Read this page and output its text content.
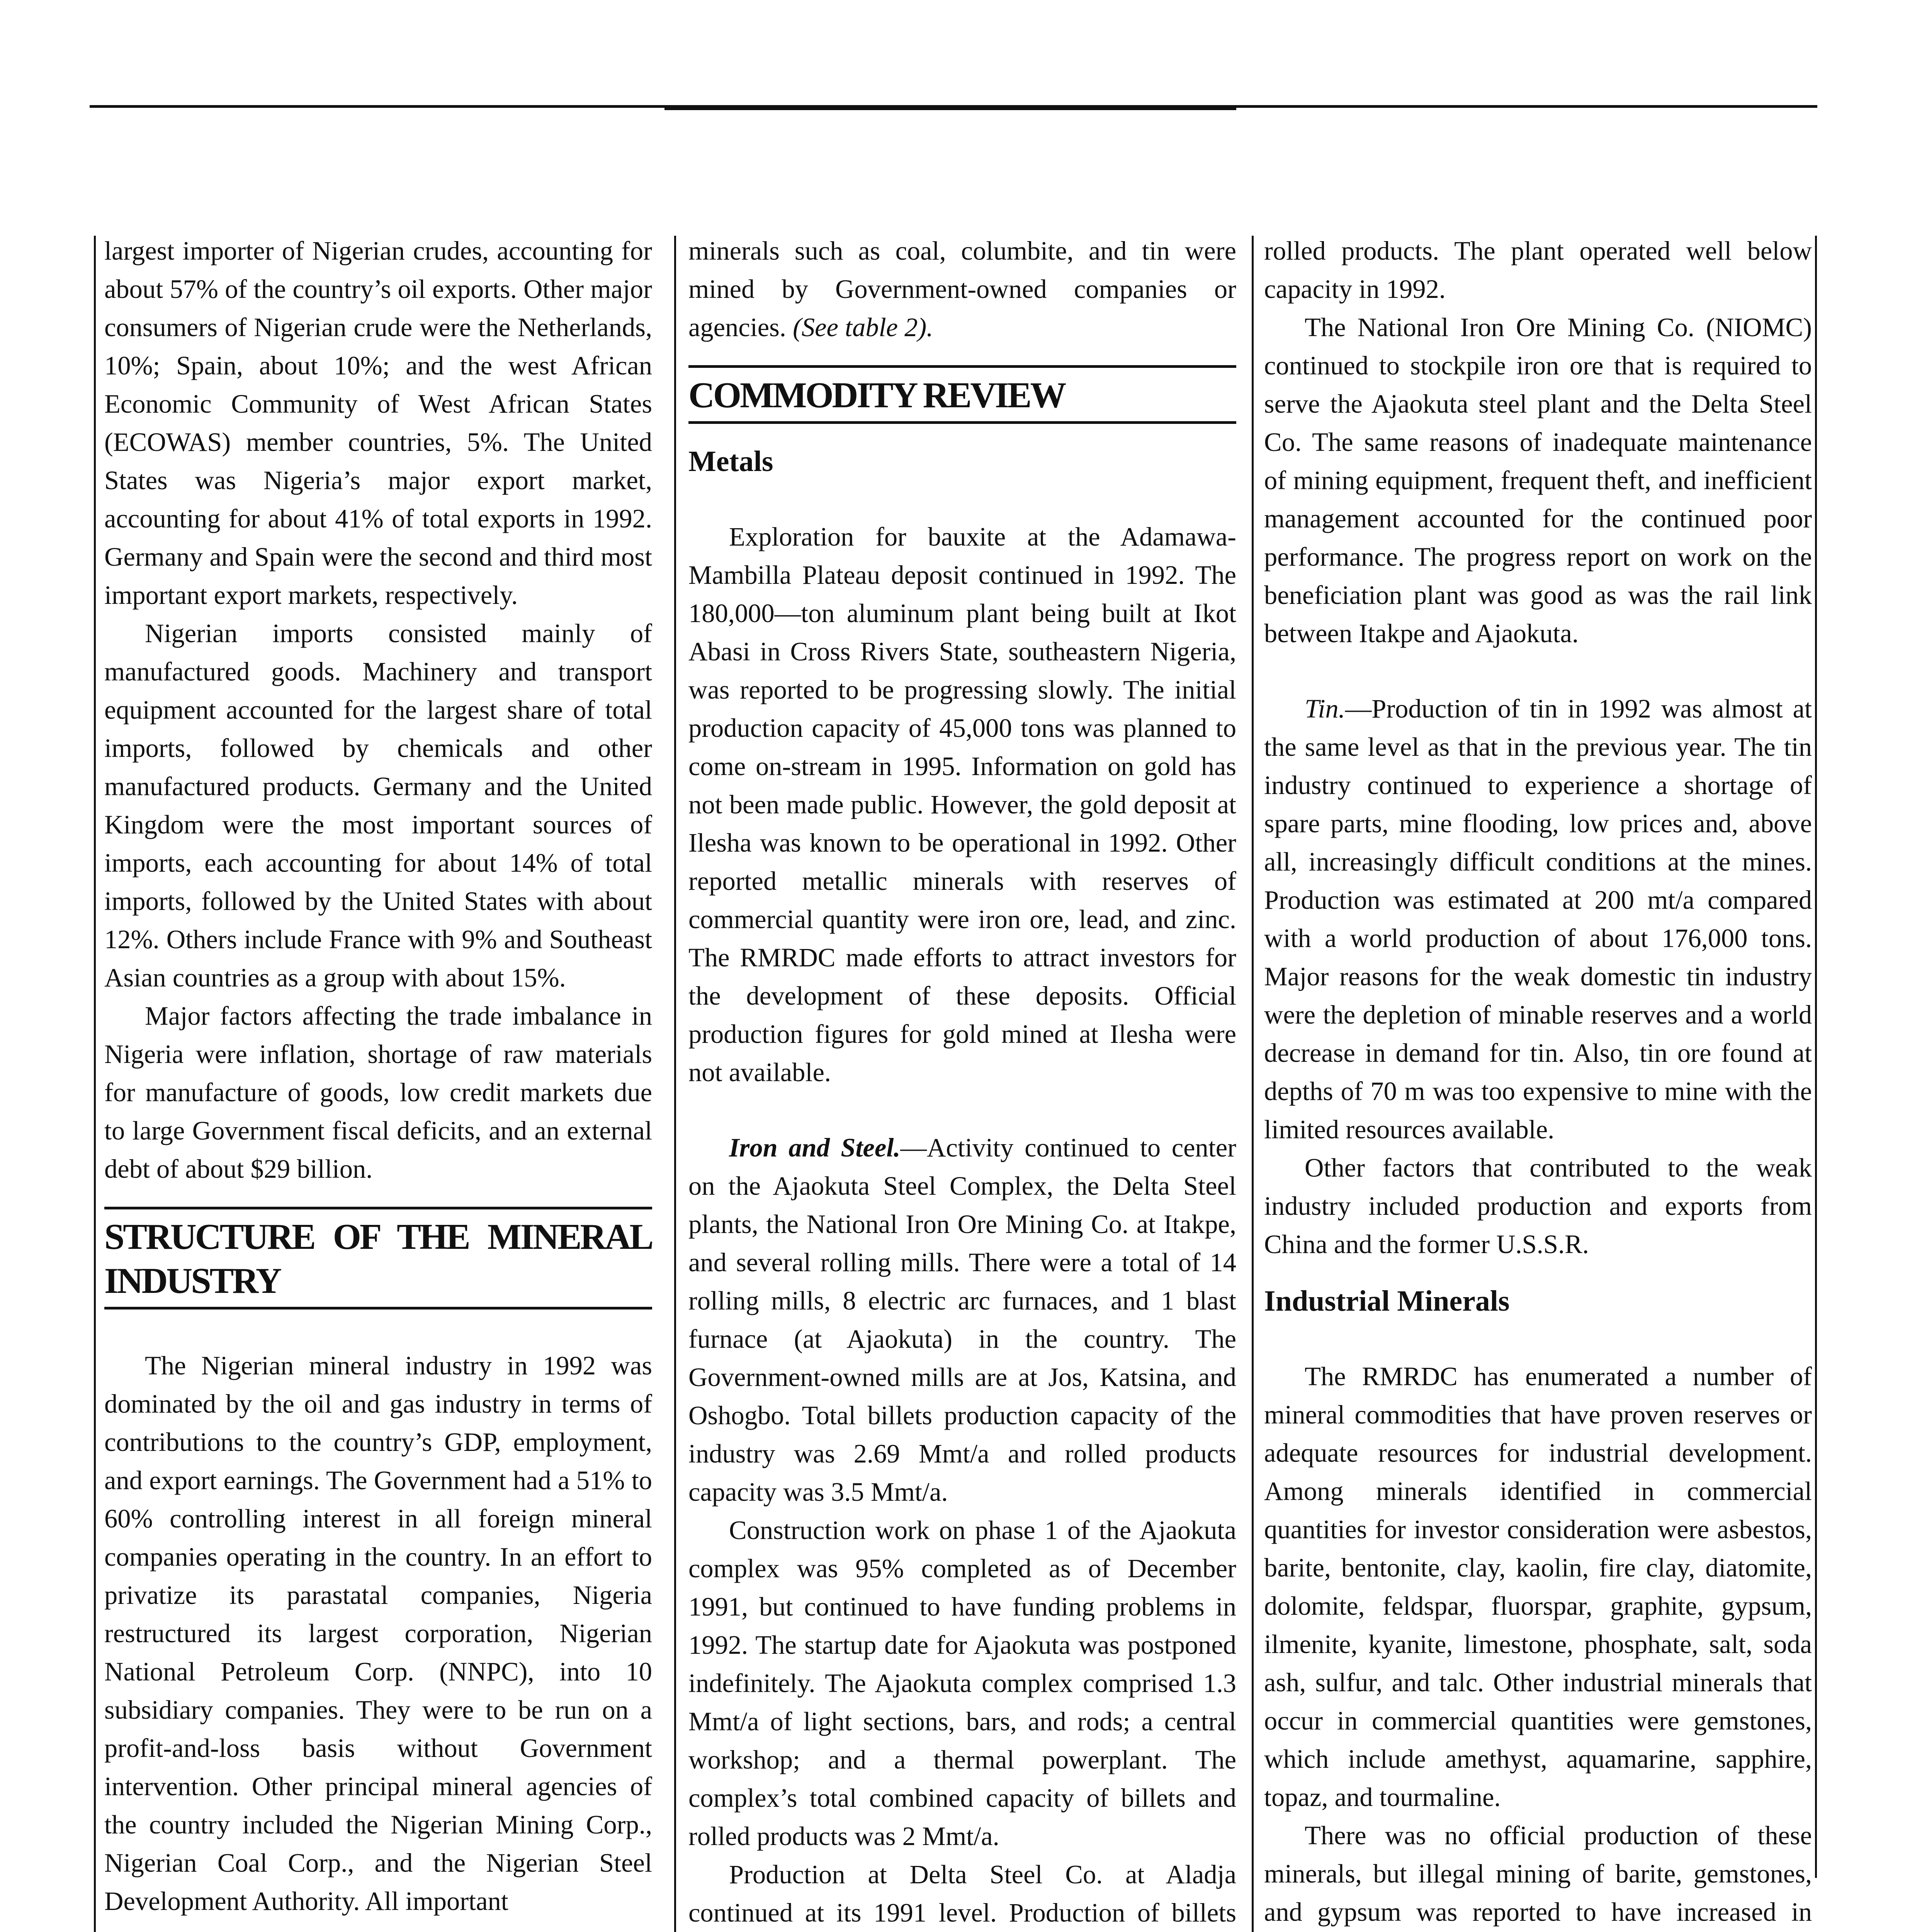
largest importer of Nigerian crudes, accounting for about 57% of the country’s oil exports. Other major consumers of Nigerian crude were the Netherlands, 10%; Spain, about 10%; and the west African Economic Community of West African States (ECOWAS) member countries, 5%. The United States was Nigeria’s major export market, accounting for about 41% of total exports in 1992. Germany and Spain were the second and third most important export markets, respectively.

Nigerian imports consisted mainly of manufactured goods. Machinery and transport equipment accounted for the largest share of total imports, followed by chemicals and other manufactured products. Germany and the United Kingdom were the most important sources of imports, each accounting for about 14% of total imports, followed by the United States with about 12%. Others include France with 9% and Southeast Asian countries as a group with about 15%.

Major factors affecting the trade imbalance in Nigeria were inflation, shortage of raw materials for manufacture of goods, low credit markets due to large Government fiscal deficits, and an external debt of about $29 billion.

STRUCTURE OF THE MINERAL INDUSTRY

The Nigerian mineral industry in 1992 was dominated by the oil and gas industry in terms of contributions to the country’s GDP, employment, and export earnings. The Government had a 51% to 60% controlling interest in all foreign mineral companies operating in the country. In an effort to privatize its parastatal companies, Nigeria restructured its largest corporation, Nigerian National Petroleum Corp. (NNPC), into 10 subsidiary companies. They were to be run on a profit-and-loss basis without Government intervention. Other principal mineral agencies of the country included the Nigerian Mining Corp., Nigerian Coal Corp., and the Nigerian Steel Development Authority. All important

minerals such as coal, columbite, and tin were mined by Government-owned companies or agencies. (See table 2).

COMMODITY REVIEW
Metals

Exploration for bauxite at the Adamawa-Mambilla Plateau deposit continued in 1992. The 180,000—ton aluminum plant being built at Ikot Abasi in Cross Rivers State, southeastern Nigeria, was reported to be progressing slowly. The initial production capacity of 45,000 tons was planned to come on-stream in 1995. Information on gold has not been made public. However, the gold deposit at Ilesha was known to be operational in 1992. Other reported metallic minerals with reserves of commercial quantity were iron ore, lead, and zinc. The RMRDC made efforts to attract investors for the development of these deposits. Official production figures for gold mined at Ilesha were not available.

Iron and Steel.—Activity continued to center on the Ajaokuta Steel Complex, the Delta Steel plants, the National Iron Ore Mining Co. at Itakpe, and several rolling mills. There were a total of 14 rolling mills, 8 electric arc furnaces, and 1 blast furnace (at Ajaokuta) in the country. The Government-owned mills are at Jos, Katsina, and Oshogbo. Total billets production capacity of the industry was 2.69 Mmt/a and rolled products capacity was 3.5 Mmt/a.

Construction work on phase 1 of the Ajaokuta complex was 95% completed as of December 1991, but continued to have funding problems in 1992. The startup date for Ajaokuta was postponed indefinitely. The Ajaokuta complex comprised 1.3 Mmt/a of light sections, bars, and rods; a central workshop; and a thermal powerplant. The complex’s total combined capacity of billets and rolled products was 2 Mmt/a.

Production at Delta Steel Co. at Aladja continued at its 1991 level. Production of billets

rolled products. The plant operated well below capacity in 1992.

The National Iron Ore Mining Co. (NIOMC) continued to stockpile iron ore that is required to serve the Ajaokuta steel plant and the Delta Steel Co. The same reasons of inadequate maintenance of mining equipment, frequent theft, and inefficient management accounted for the continued poor performance. The progress report on work on the beneficiation plant was good as was the rail link between Itakpe and Ajaokuta.

Tin.—Production of tin in 1992 was almost at the same level as that in the previous year. The tin industry continued to experience a shortage of spare parts, mine flooding, low prices and, above all, increasingly difficult conditions at the mines. Production was estimated at 200 mt/a compared with a world production of about 176,000 tons. Major reasons for the weak domestic tin industry were the depletion of minable reserves and a world decrease in demand for tin. Also, tin ore found at depths of 70 m was too expensive to mine with the limited resources available.

Other factors that contributed to the weak industry included production and exports from China and the former U.S.S.R.

Industrial Minerals

The RMRDC has enumerated a number of mineral commodities that have proven reserves or adequate resources for industrial development. Among minerals identified in commercial quantities for investor consideration were asbestos, barite, bentonite, clay, kaolin, fire clay, diatomite, dolomite, feldspar, fluorspar, graphite, gypsum, ilmenite, kyanite, limestone, phosphate, salt, soda ash, sulfur, and talc. Other industrial minerals that occur in commercial quantities were gemstones, which include amethyst, aquamarine, sapphire, topaz, and tourmaline.

There was no official production of these minerals, but illegal mining of barite, gemstones, and gypsum was reported to have increased in
